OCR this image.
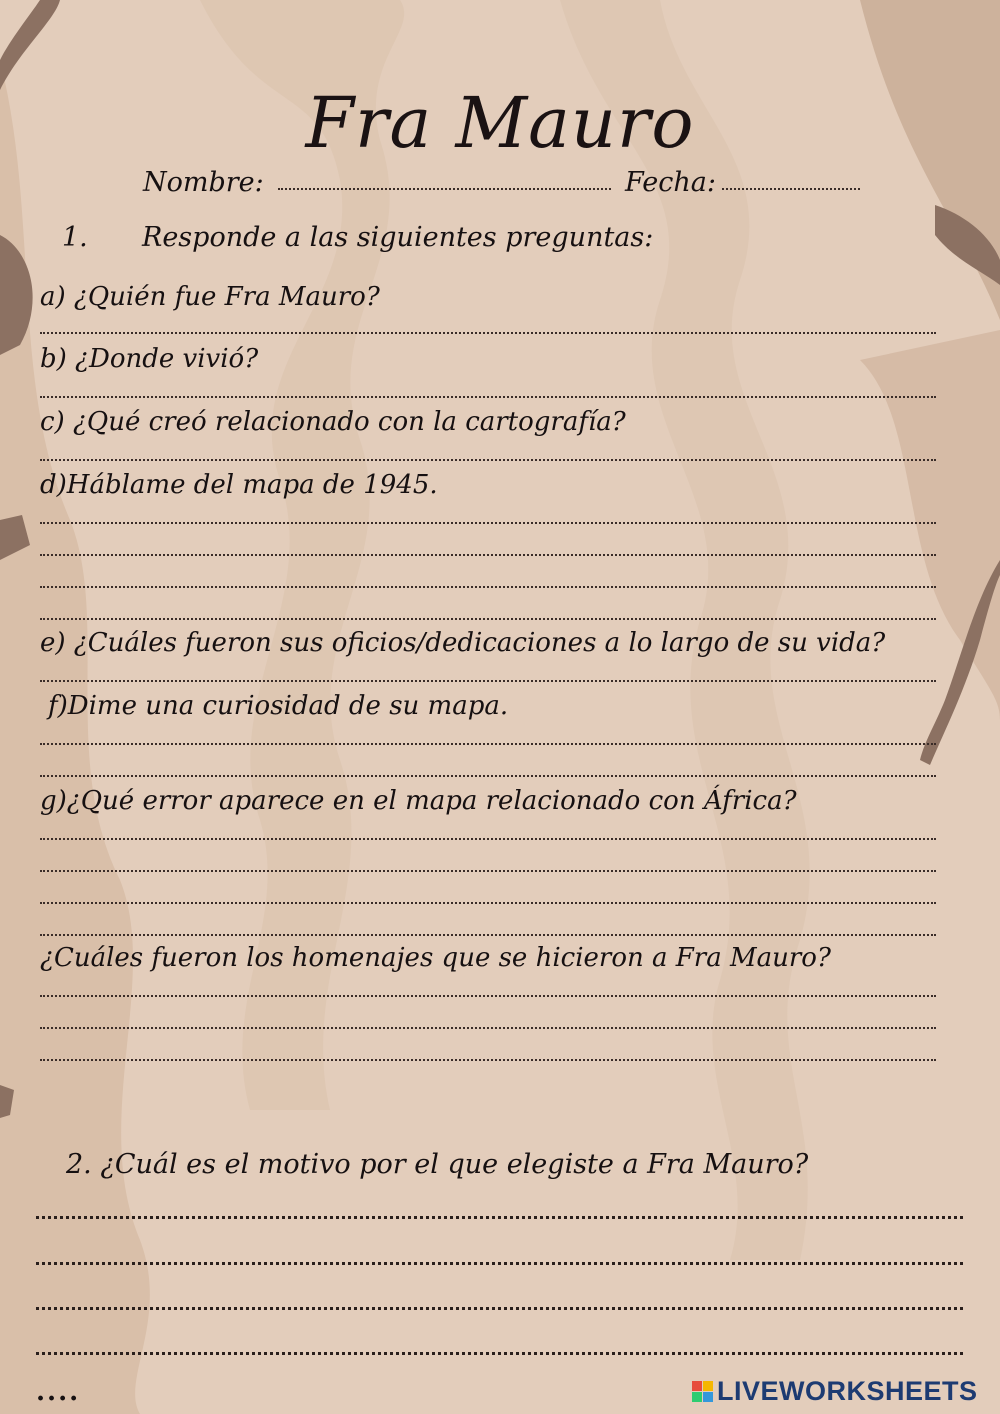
Fra Mauro
Nombre:	Fecha:
1. Responde a las siguientes preguntas:
a) ¿Quién fue Fra Mauro?
b) ¿Donde vivió?
c) ¿Qué creó relacionado con la cartografía?
d)Háblame del mapa de 1945.
e) ¿Cuáles fueron sus oficios/dedicaciones a lo largo de su vida?
f)Dime una curiosidad de su mapa.
g)¿Qué error aparece en el mapa relacionado con África?
¿Cuáles fueron los homenajes que se hicieron a Fra Mauro?
2. ¿Cuál es el motivo por el que elegiste a Fra Mauro?
....	LIVEWORKSHEETS
